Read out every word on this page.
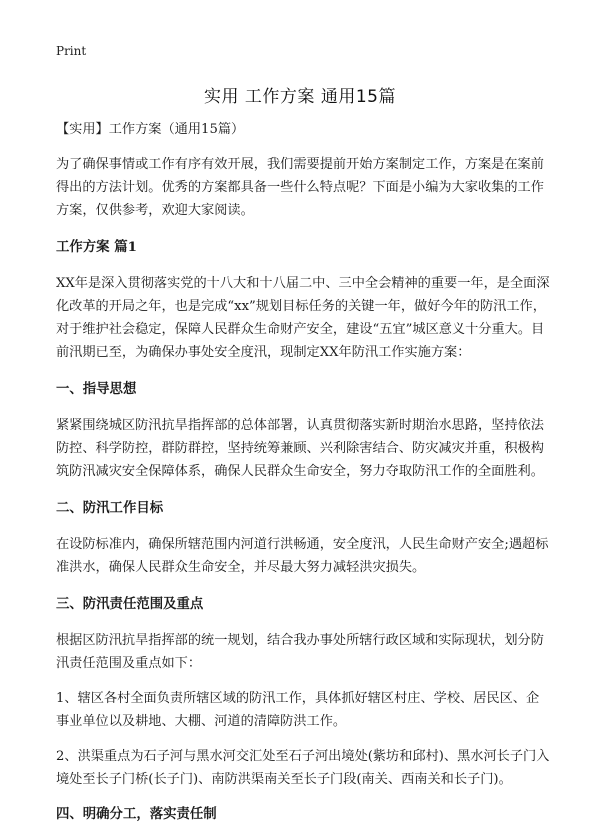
Print
实用 工作方案 通用15篇

【实用】工作方案（通用15篇）

为了确保事情或工作有序有效开展，我们需要提前开始方案制定工作，方案是在案前得出的方法计划。优秀的方案都具备一些什么特点呢？下面是小编为大家收集的工作方案，仅供参考，欢迎大家阅读。

工作方案 篇1

XX年是深入贯彻落实党的十八大和十八届二中、三中全会精神的重要一年，是全面深化改革的开局之年，也是完成“xx”规划目标任务的关键一年，做好今年的防汛工作，对于维护社会稳定，保障人民群众生命财产安全，建设“五宜”城区意义十分重大。目前汛期已至，为确保办事处安全度汛，现制定XX年防汛工作实施方案：

一、指导思想

紧紧围绕城区防汛抗旱指挥部的总体部署，认真贯彻落实新时期治水思路，坚持依法防控、科学防控，群防群控，坚持统筹兼顾、兴利除害结合、防灾减灾并重，积极构筑防汛减灾安全保障体系，确保人民群众生命安全，努力夺取防汛工作的全面胜利。

二、防汛工作目标

在设防标准内，确保所辖范围内河道行洪畅通，安全度汛，人民生命财产安全;遇超标准洪水，确保人民群众生命安全，并尽最大努力减轻洪灾损失。

三、防汛责任范围及重点

根据区防汛抗旱指挥部的统一规划，结合我办事处所辖行政区域和实际现状，划分防汛责任范围及重点如下：

1、辖区各村全面负责所辖区域的防汛工作，具体抓好辖区村庄、学校、居民区、企事业单位以及耕地、大棚、河道的清障防洪工作。

2、洪渠重点为石子河与黑水河交汇处至石子河出境处(紫坊和邱村)、黑水河长子门入境处至长子门桥(长子门)、南防洪渠南关至长子门段(南关、西南关和长子门)。

四、明确分工，落实责任制
